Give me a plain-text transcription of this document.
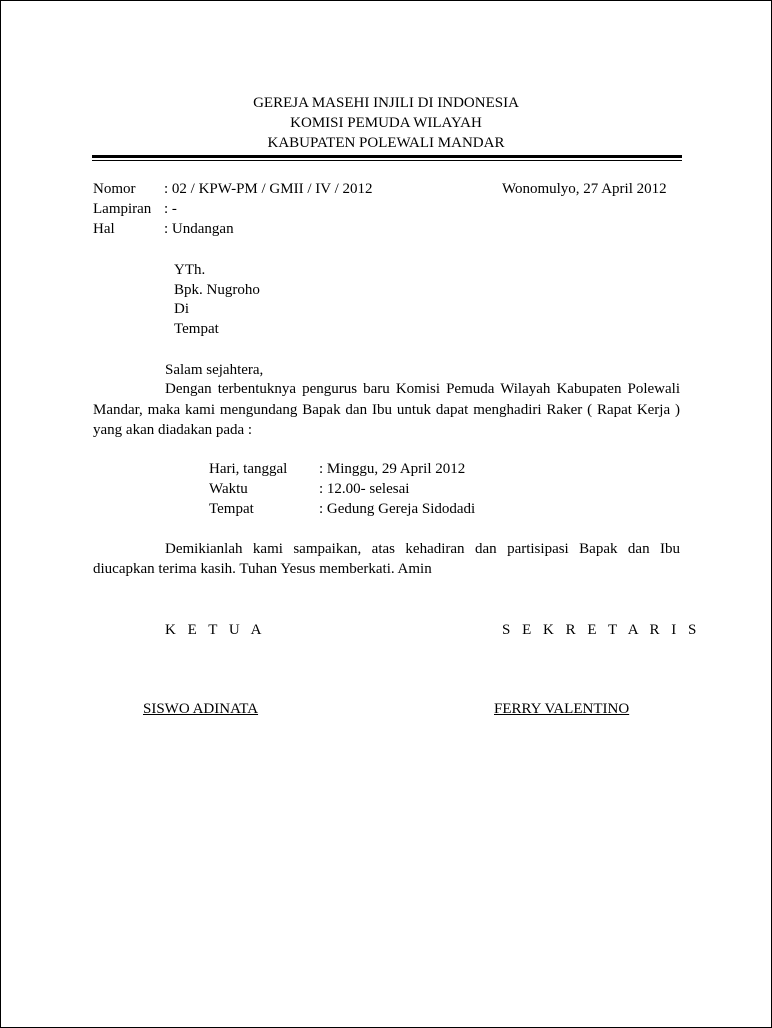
GEREJA MASEHI INJILI DI INDONESIA
KOMISI PEMUDA WILAYAH
KABUPATEN POLEWALI MANDAR
Nomor : 02 / KPW-PM / GMII / IV / 2012	Wonomulyo, 27 April 2012
Lampiran : -
Hal	: Undangan
YTh.
Bpk. Nugroho
Di
Tempat
Salam sejahtera,
Dengan terbentuknya pengurus baru Komisi Pemuda Wilayah Kabupaten Polewali
Mandar, maka kami mengundang Bapak dan Ibu untuk dapat menghadiri Raker ( Rapat Kerja )
yang akan diadakan pada :
Hari, tanggal : Minggu, 29 April 2012
Waktu	: 12.00- selesai
Tempat	: Gedung Gereja Sidodadi
Demikianlah kami sampaikan, atas kehadiran dan partisipasi Bapak dan Ibu
diucapkan terima kasih. Tuhan Yesus memberkati. Amin
K E T U A	S E K R E T A R I S
SISWO ADINATA	FERRY VALENTINO
